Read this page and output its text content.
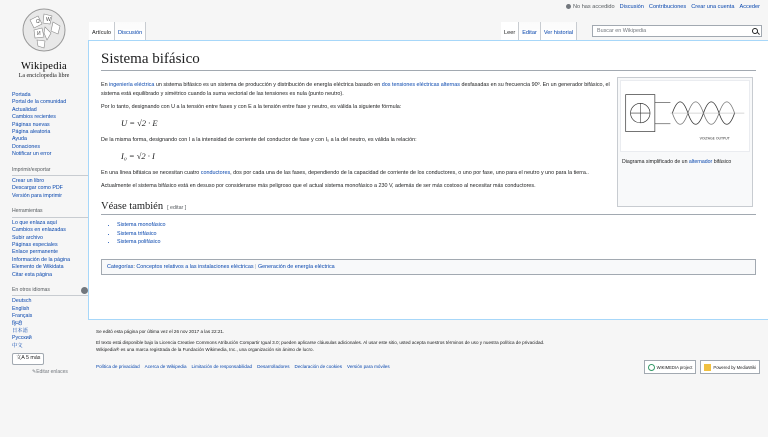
No has accedido Discusión Contribuciones Crear una cuenta Acceder
Ω W
И
Wikipedia
La enciclopedia libre
Portada
Portal de la comunidad
Actualidad
Cambios recientes
Páginas nuevas
Página aleatoria
Ayuda
Donaciones
Notificar un error
Imprimir/exportar
Crear un libro
Descargar como PDF
Versión para imprimir
Herramientas
Lo que enlaza aquí
Cambios en enlazadas
Subir archivo
Páginas especiales
Enlace permanente
Información de la página
Elemento de Wikidata
Citar esta página
En otros idiomas
Deutsch
English
Français
हिन्दी
日本語
Русский
中文
文A 5 más
✎Editar enlaces
Artículo	Discusión	Leer	Editar	Ver historial	Buscar en Wikipedia
Sistema bifásico
VOLTAGE OUTPUT
Diagrama simplificado de un alternador bifásico

En ingeniería eléctrica un sistema bifásico es un sistema de producción y distribución de energía eléctrica basado en dos tensiones eléctricas alternas desfasadas en su frecuencia 90º. En un generador bifásico, el sistema está equilibrado y simétrico cuando la suma vectorial de las tensiones es nula (punto neutro).

Por lo tanto, designando con U a la tensión entre fases y con E a la tensión entre fase y neutro, es válida la siguiente fórmula:

U = √2 · E

De la misma forma, designando con I a la intensidad de corriente del conductor de fase y con I₀ a la del neutro, es válida la relación:

I₀ = √2 · I

En una línea bifásica se necesitan cuatro conductores, dos por cada una de las fases, dependiendo de la capacidad de corriente de los conductores, o uno por fase, uno para el neutro y uno para la tierra..

Actualmente el sistema bifásico está en desuso por considerarse más peligroso que el actual sistema monofásico a 230 V, además de ser más costoso al necesitar más conductores.

Véase también [ editar ]
• Sistema monofásico
• Sistema trifásico
• Sistema polifásico
Categorías: Conceptos relativos a las instalaciones eléctricas | Generación de energía eléctrica
Se editó esta página por última vez el 26 nov 2017 a las 22:21.
El texto está disponible bajo la Licencia Creative Commons Atribución Compartir Igual 3.0; pueden aplicarse cláusulas adicionales. Al usar este sitio, usted acepta nuestros términos de uso y nuestra política de privacidad.
Wikipedia® es una marca registrada de la Fundación Wikimedia, Inc., una organización sin ánimo de lucro.
Política de privacidad Acerca de Wikipedia Limitación de responsabilidad Desarrolladores Declaración de cookies Versión para móviles	WIKIMEDIA project	Powered by MediaWiki
